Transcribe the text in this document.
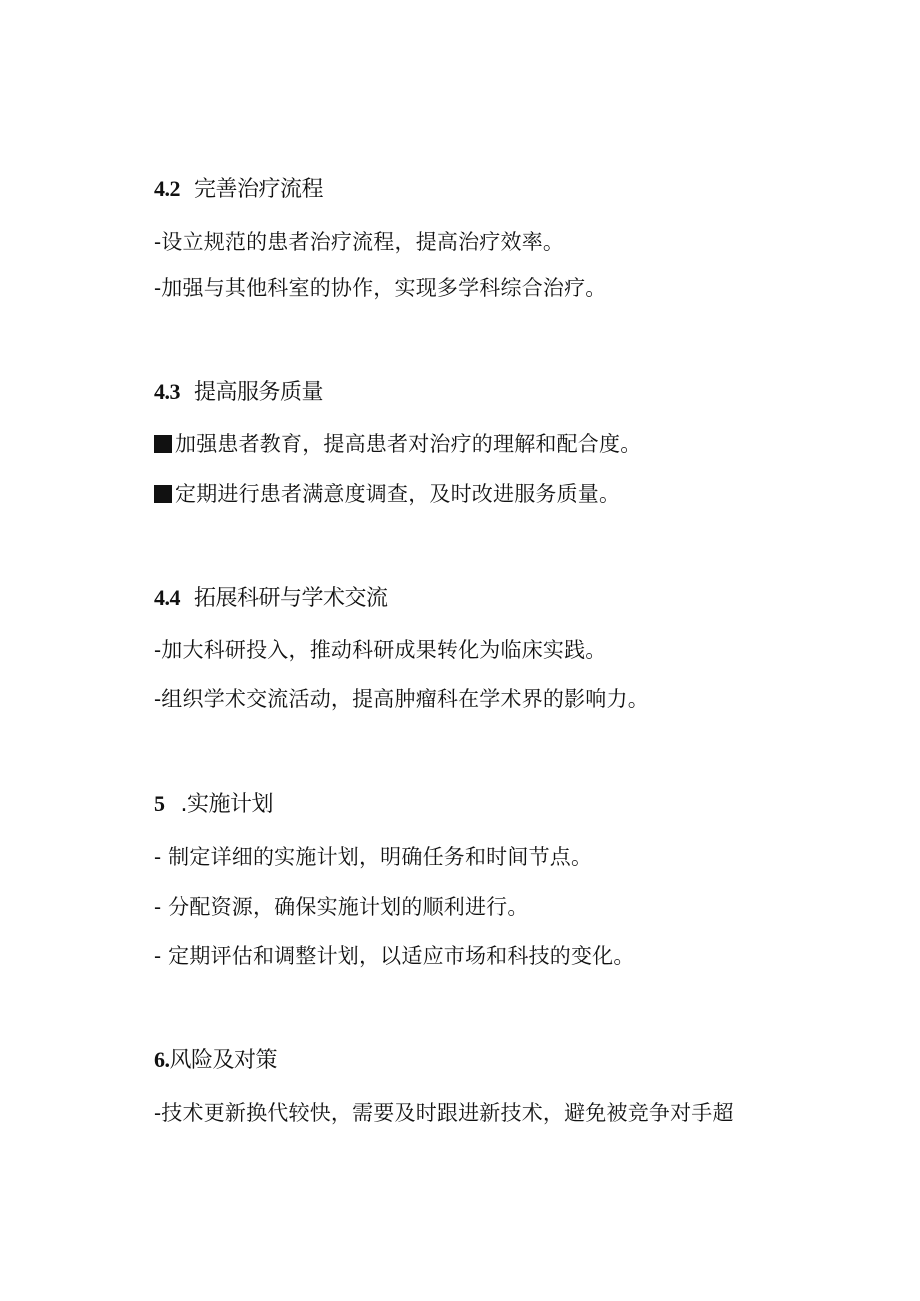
4.2 完善治疗流程
-设立规范的患者治疗流程，提高治疗效率。
-加强与其他科室的协作，实现多学科综合治疗。
4.3 提高服务质量
加强患者教育，提高患者对治疗的理解和配合度。
定期进行患者满意度调查，及时改进服务质量。
4.4 拓展科研与学术交流
-加大科研投入，推动科研成果转化为临床实践。
-组织学术交流活动，提高肿瘤科在学术界的影响力。
5 .实施计划
- 制定详细的实施计划，明确任务和时间节点。
- 分配资源，确保实施计划的顺利进行。
- 定期评估和调整计划，以适应市场和科技的变化。
6.风险及对策
-技术更新换代较快，需要及时跟进新技术，避免被竞争对手超
